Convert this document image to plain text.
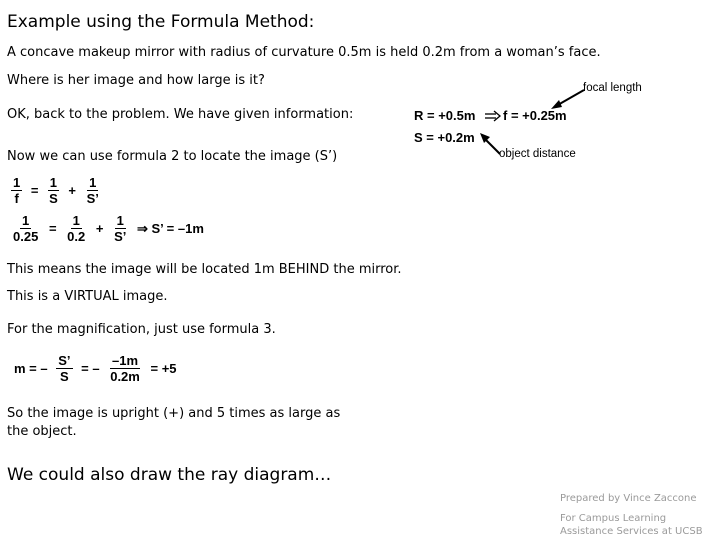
Example using the Formula Method:
A concave makeup mirror with radius of curvature 0.5m is held 0.2m from a woman’s face.
Where is her image and how large is it?	focal length
OK, back to the problem. We have given information:	R = +0.5m f = +0.25m
S = +0.2m
object distance
Now we can use formula 2 to locate the image (S’)
$\frac{1}{f} = \frac{1}{S} + \frac{1}{S’}$
$\frac{1}{0.25} = \frac{1}{0.2} + \frac{1}{S’}$ ⇒ S’ = –1m
This means the image will be located 1m BEHIND the mirror.
This is a VIRTUAL image.
For the magnification, just use formula 3.
m = – $\frac{S’}{S}$ = – $\frac{-1m}{0.2m} = +5$
So the image is upright (+) and 5 times as large as
the object.
We could also draw the ray diagram…
Prepared by Vince Zaccone
For Campus Learning
Assistance Services at UCSB
